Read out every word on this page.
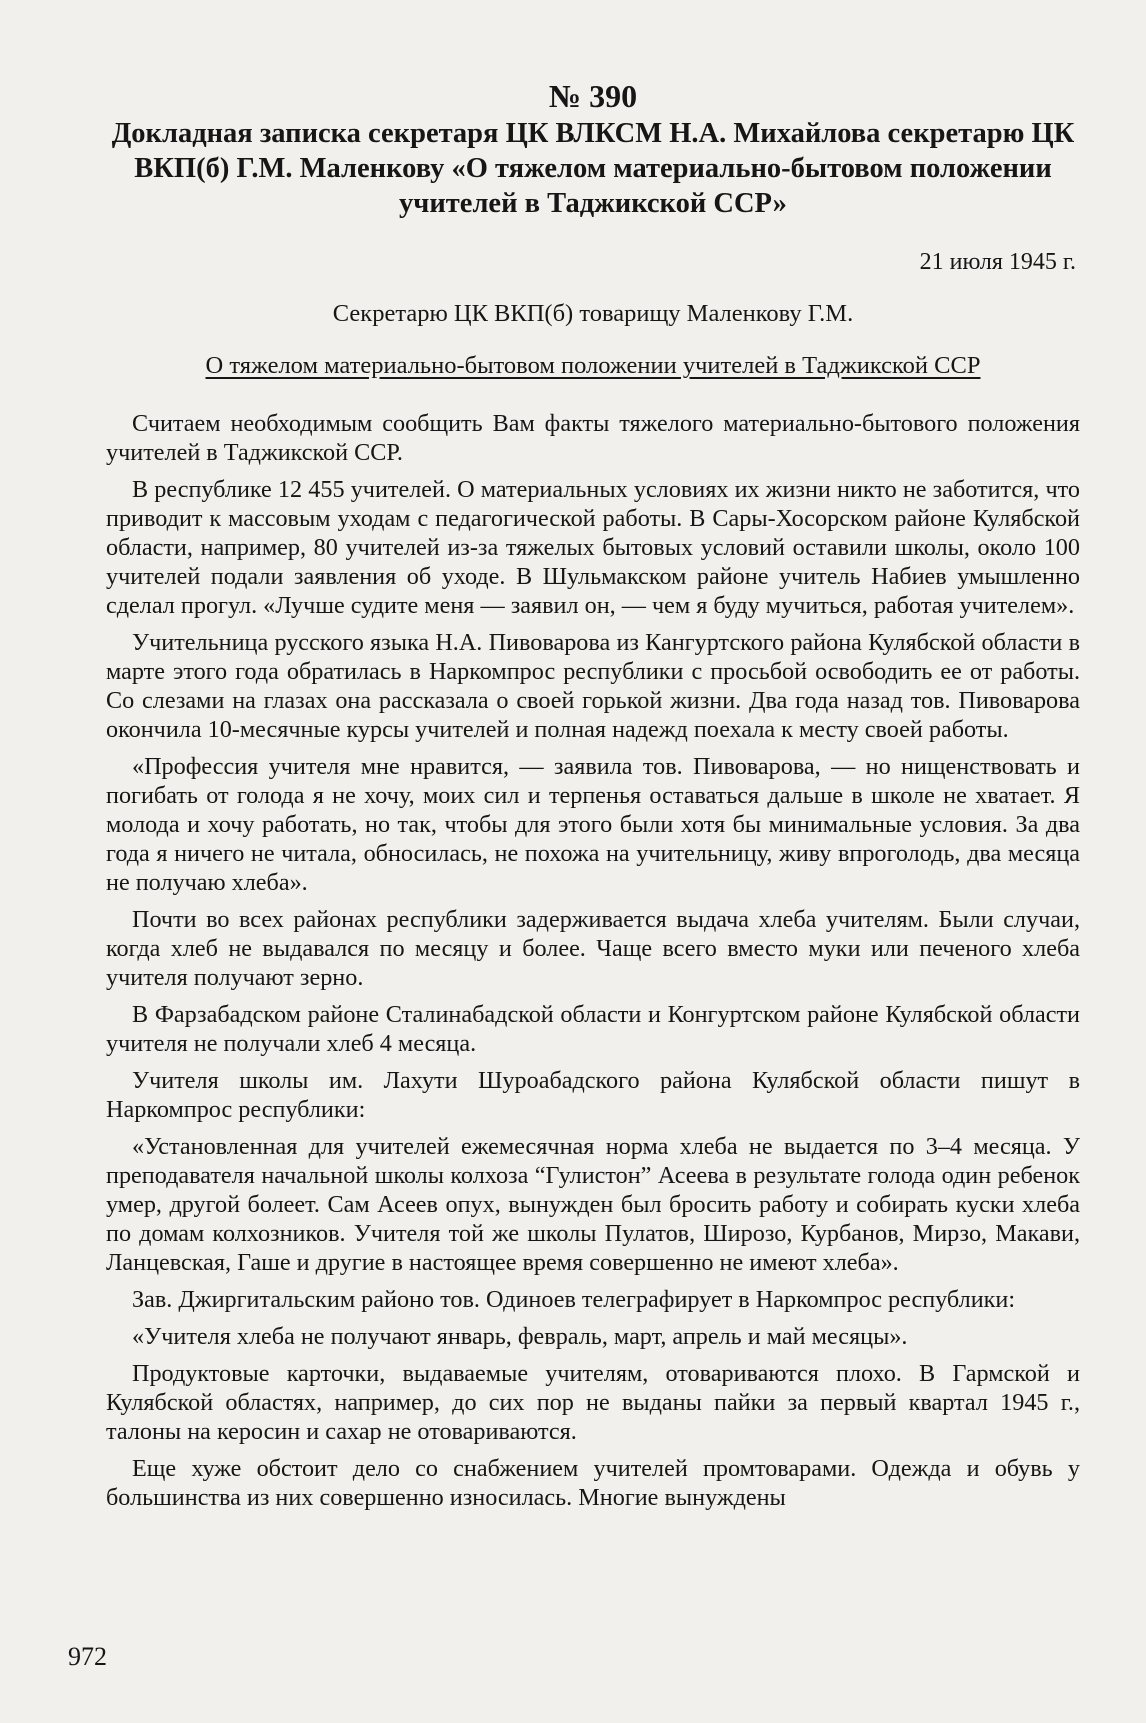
№ 390
Докладная записка секретаря ЦК ВЛКСМ Н.А. Михайлова секретарю ЦК ВКП(б) Г.М. Маленкову «О тяжелом материально-бытовом положении учителей в Таджикской ССР»
21 июля 1945 г.
Секретарю ЦК ВКП(б) товарищу Маленкову Г.М.
О тяжелом материально-бытовом положении учителей в Таджикской ССР

Считаем необходимым сообщить Вам факты тяжелого материально-бытового положения учителей в Таджикской ССР.

В республике 12 455 учителей. О материальных условиях их жизни никто не заботится, что приводит к массовым уходам с педагогической работы. В Сары-Хосорском районе Кулябской области, например, 80 учителей из-за тяжелых бытовых условий оставили школы, около 100 учителей подали заявления об уходе. В Шульмакском районе учитель Набиев умышленно сделал прогул. «Лучше судите меня — заявил он, — чем я буду мучиться, работая учителем».

Учительница русского языка Н.А. Пивоварова из Кангуртского района Кулябской области в марте этого года обратилась в Наркомпрос республики с просьбой освободить ее от работы. Со слезами на глазах она рассказала о своей горькой жизни. Два года назад тов. Пивоварова окончила 10-месячные курсы учителей и полная надежд поехала к месту своей работы.

«Профессия учителя мне нравится, — заявила тов. Пивоварова, — но нищенствовать и погибать от голода я не хочу, моих сил и терпенья оставаться дальше в школе не хватает. Я молода и хочу работать, но так, чтобы для этого были хотя бы минимальные условия. За два года я ничего не читала, обносилась, не похожа на учительницу, живу впроголодь, два месяца не получаю хлеба».

Почти во всех районах республики задерживается выдача хлеба учителям. Были случаи, когда хлеб не выдавался по месяцу и более. Чаще всего вместо муки или печеного хлеба учителя получают зерно.

В Фарзабадском районе Сталинабадской области и Конгуртском районе Кулябской области учителя не получали хлеб 4 месяца.

Учителя школы им. Лахути Шуроабадского района Кулябской области пишут в Наркомпрос республики:

«Установленная для учителей ежемесячная норма хлеба не выдается по 3–4 месяца. У преподавателя начальной школы колхоза “Гулистон” Асеева в результате голода один ребенок умер, другой болеет. Сам Асеев опух, вынужден был бросить работу и собирать куски хлеба по домам колхозников. Учителя той же школы Пулатов, Широзо, Курбанов, Мирзо, Макави, Ланцевская, Гаше и другие в настоящее время совершенно не имеют хлеба».

Зав. Джиргитальским районо тов. Одиноев телеграфирует в Наркомпрос республики:

«Учителя хлеба не получают январь, февраль, март, апрель и май месяцы».

Продуктовые карточки, выдаваемые учителям, отовариваются плохо. В Гармской и Кулябской областях, например, до сих пор не выданы пайки за первый квартал 1945 г., талоны на керосин и сахар не отовариваются.

Еще хуже обстоит дело со снабжением учителей промтоварами. Одежда и обувь у большинства из них совершенно износилась. Многие вынуждены

972
